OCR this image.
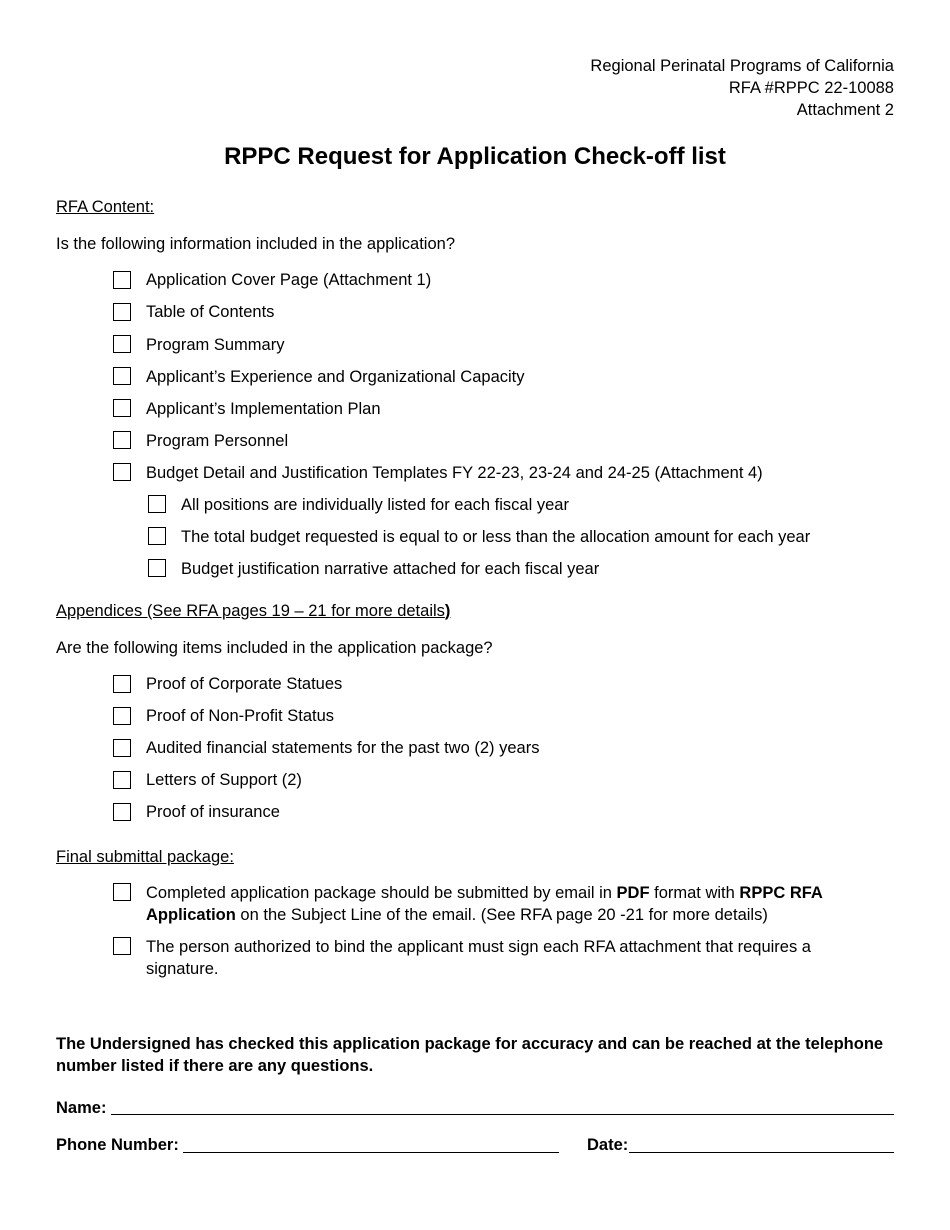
Regional Perinatal Programs of California
RFA #RPPC 22-10088
Attachment 2
RPPC Request for Application Check-off list
RFA Content:
Is the following information included in the application?
Application Cover Page (Attachment 1)
Table of Contents
Program Summary
Applicant’s Experience and Organizational Capacity
Applicant’s Implementation Plan
Program Personnel
Budget Detail and Justification Templates FY 22-23, 23-24 and 24-25 (Attachment 4)
All positions are individually listed for each fiscal year
The total budget requested is equal to or less than the allocation amount for each year
Budget justification narrative attached for each fiscal year
Appendices (See RFA pages 19 – 21 for more details)
Are the following items included in the application package?
Proof of Corporate Statues
Proof of Non-Profit Status
Audited financial statements for the past two (2) years
Letters of Support (2)
Proof of insurance
Final submittal package:
Completed application package should be submitted by email in PDF format with RPPC RFA Application on the Subject Line of the email. (See RFA page 20 -21 for more details)
The person authorized to bind the applicant must sign each RFA attachment that requires a signature.
The Undersigned has checked this application package for accuracy and can be reached at the telephone number listed if there are any questions.
Name:
Phone Number:	Date:
